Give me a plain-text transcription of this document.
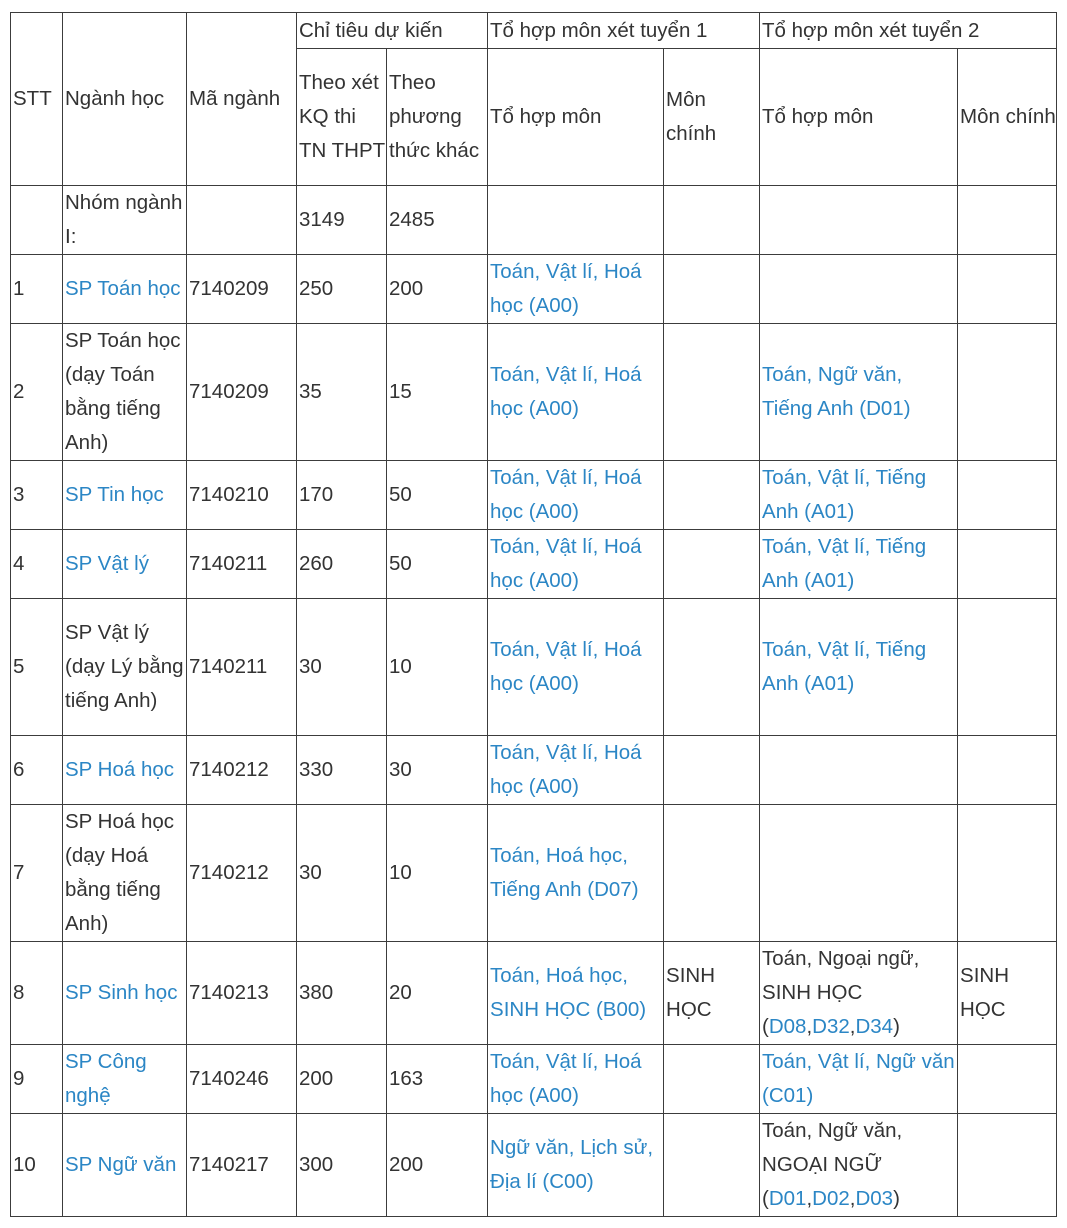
STT	Ngành học	Mã ngành	Chỉ tiêu dự kiến		Tổ hợp môn xét tuyển 1		Tổ hợp môn xét tuyển 2	
			Theo xét KQ thi TN THPT	Theo phương thức khác	Tổ hợp môn	Môn chính	Tổ hợp môn	Môn chính
	Nhóm ngành I:		3149	2485				
1	SP Toán học	7140209	250	200	Toán, Vật lí, Hoá học (A00)			
2	SP Toán học (dạy Toán bằng tiếng Anh)	7140209	35	15	Toán, Vật lí, Hoá học (A00)		Toán, Ngữ văn, Tiếng Anh (D01)	
3	SP Tin học	7140210	170	50	Toán, Vật lí, Hoá học (A00)		Toán, Vật lí, Tiếng Anh (A01)	
4	SP Vật lý	7140211	260	50	Toán, Vật lí, Hoá học (A00)		Toán, Vật lí, Tiếng Anh (A01)	
5	SP Vật lý (dạy Lý bằng tiếng Anh)	7140211	30	10	Toán, Vật lí, Hoá học (A00)		Toán, Vật lí, Tiếng Anh (A01)	
6	SP Hoá học	7140212	330	30	Toán, Vật lí, Hoá học (A00)			
7	SP Hoá học (dạy Hoá bằng tiếng Anh)	7140212	30	10	Toán, Hoá học, Tiếng Anh (D07)			
8	SP Sinh học	7140213	380	20	Toán, Hoá học, SINH HỌC (B00)	SINH HỌC	Toán, Ngoại ngữ, SINH HỌC (D08,D32,D34)	SINH HỌC
9	SP Công nghệ	7140246	200	163	Toán, Vật lí, Hoá học (A00)		Toán, Vật lí, Ngữ văn (C01)	
10	SP Ngữ văn	7140217	300	200	Ngữ văn, Lịch sử, Địa lí (C00)		Toán, Ngữ văn, NGOẠI NGỮ (D01,D02,D03)	
